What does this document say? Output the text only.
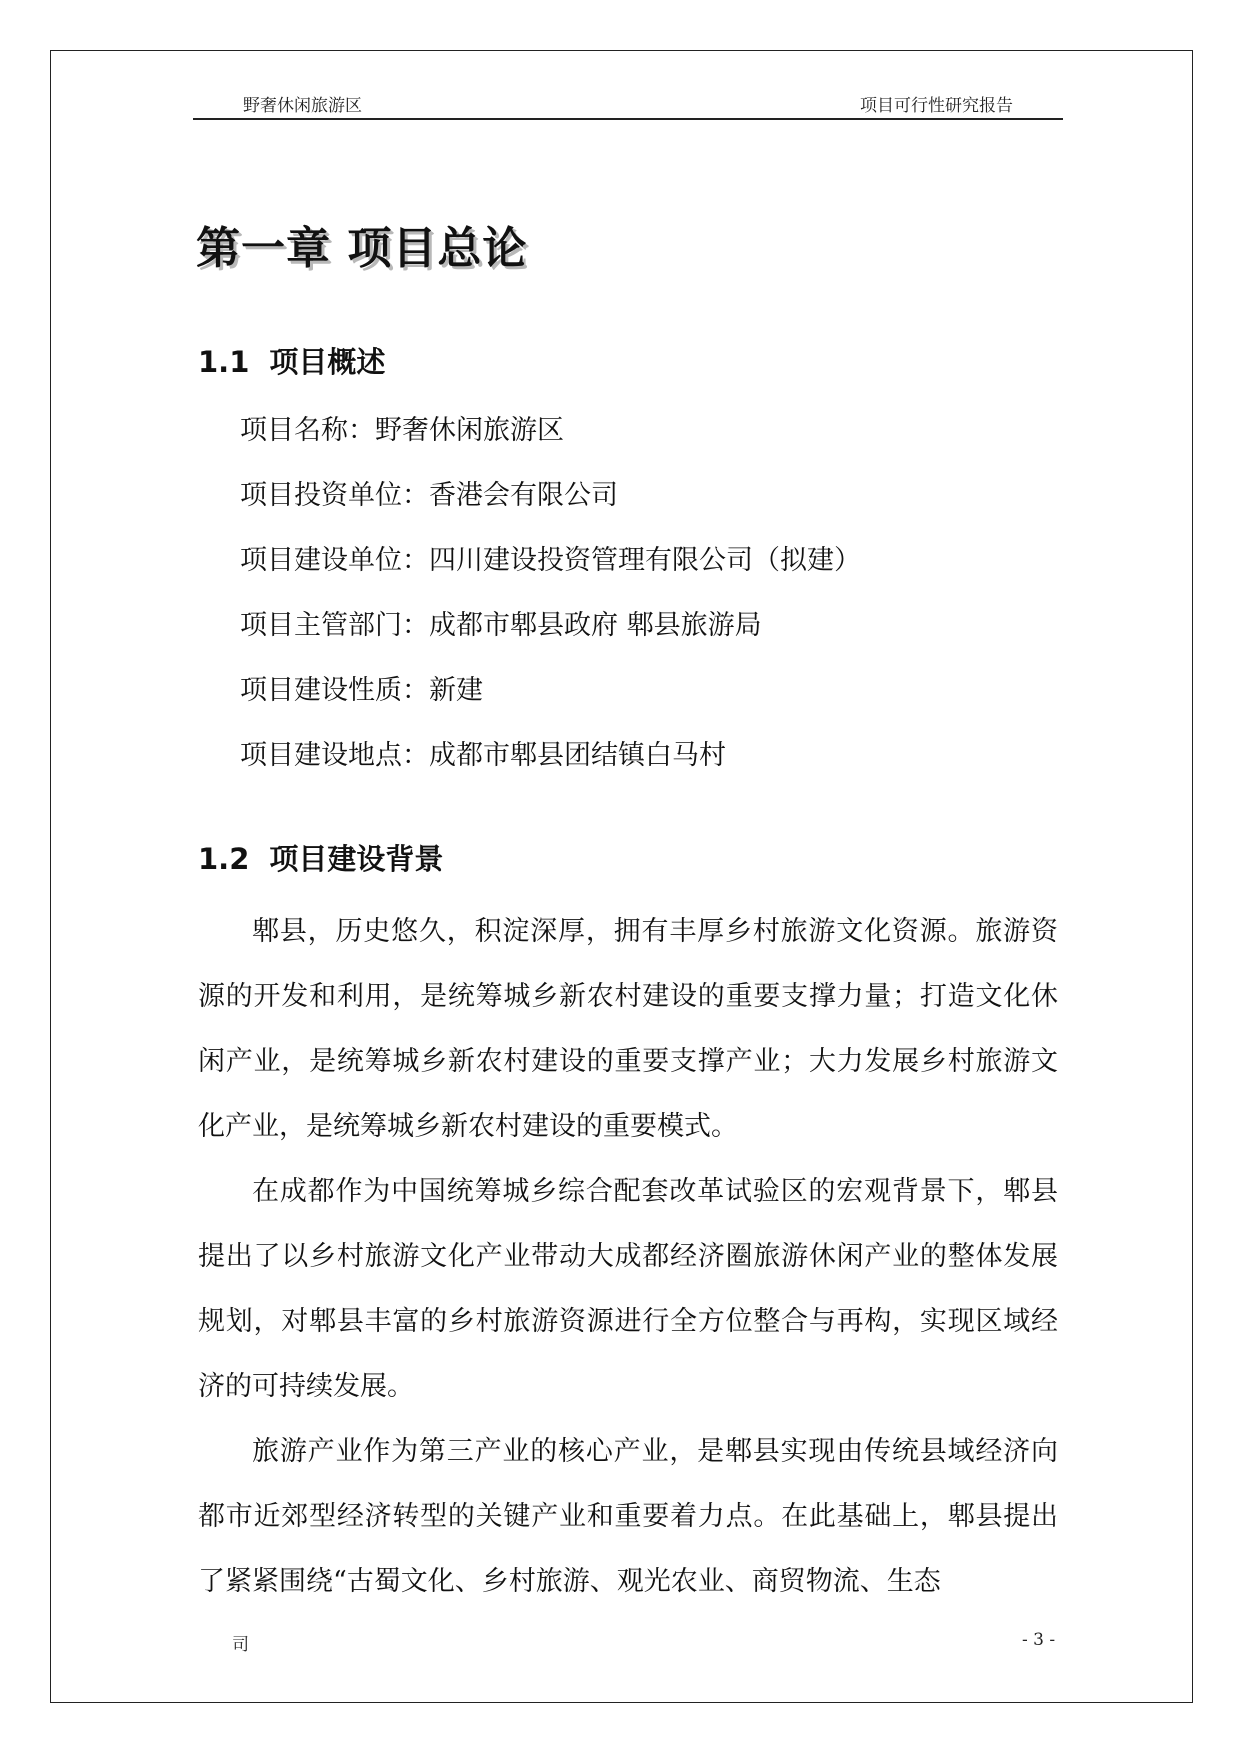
野奢休闲旅游区	项目可行性研究报告
第一章 项目总论
1.1 项目概述
项目名称：野奢休闲旅游区
项目投资单位：香港会有限公司
项目建设单位：四川建设投资管理有限公司（拟建）
项目主管部门：成都市郫县政府 郫县旅游局
项目建设性质：新建
项目建设地点：成都市郫县团结镇白马村
1.2 项目建设背景

郫县，历史悠久，积淀深厚，拥有丰厚乡村旅游文化资源。旅游资源的开发和利用，是统筹城乡新农村建设的重要支撑力量；打造文化休闲产业，是统筹城乡新农村建设的重要支撑产业；大力发展乡村旅游文化产业，是统筹城乡新农村建设的重要模式。

在成都作为中国统筹城乡综合配套改革试验区的宏观背景下，郫县提出了以乡村旅游文化产业带动大成都经济圈旅游休闲产业的整体发展规划，对郫县丰富的乡村旅游资源进行全方位整合与再构，实现区域经济的可持续发展。

旅游产业作为第三产业的核心产业，是郫县实现由传统县域经济向都市近郊型经济转型的关键产业和重要着力点。在此基础上，郫县提出了紧紧围绕“古蜀文化、乡村旅游、观光农业、商贸物流、生态

司	- 3 -
